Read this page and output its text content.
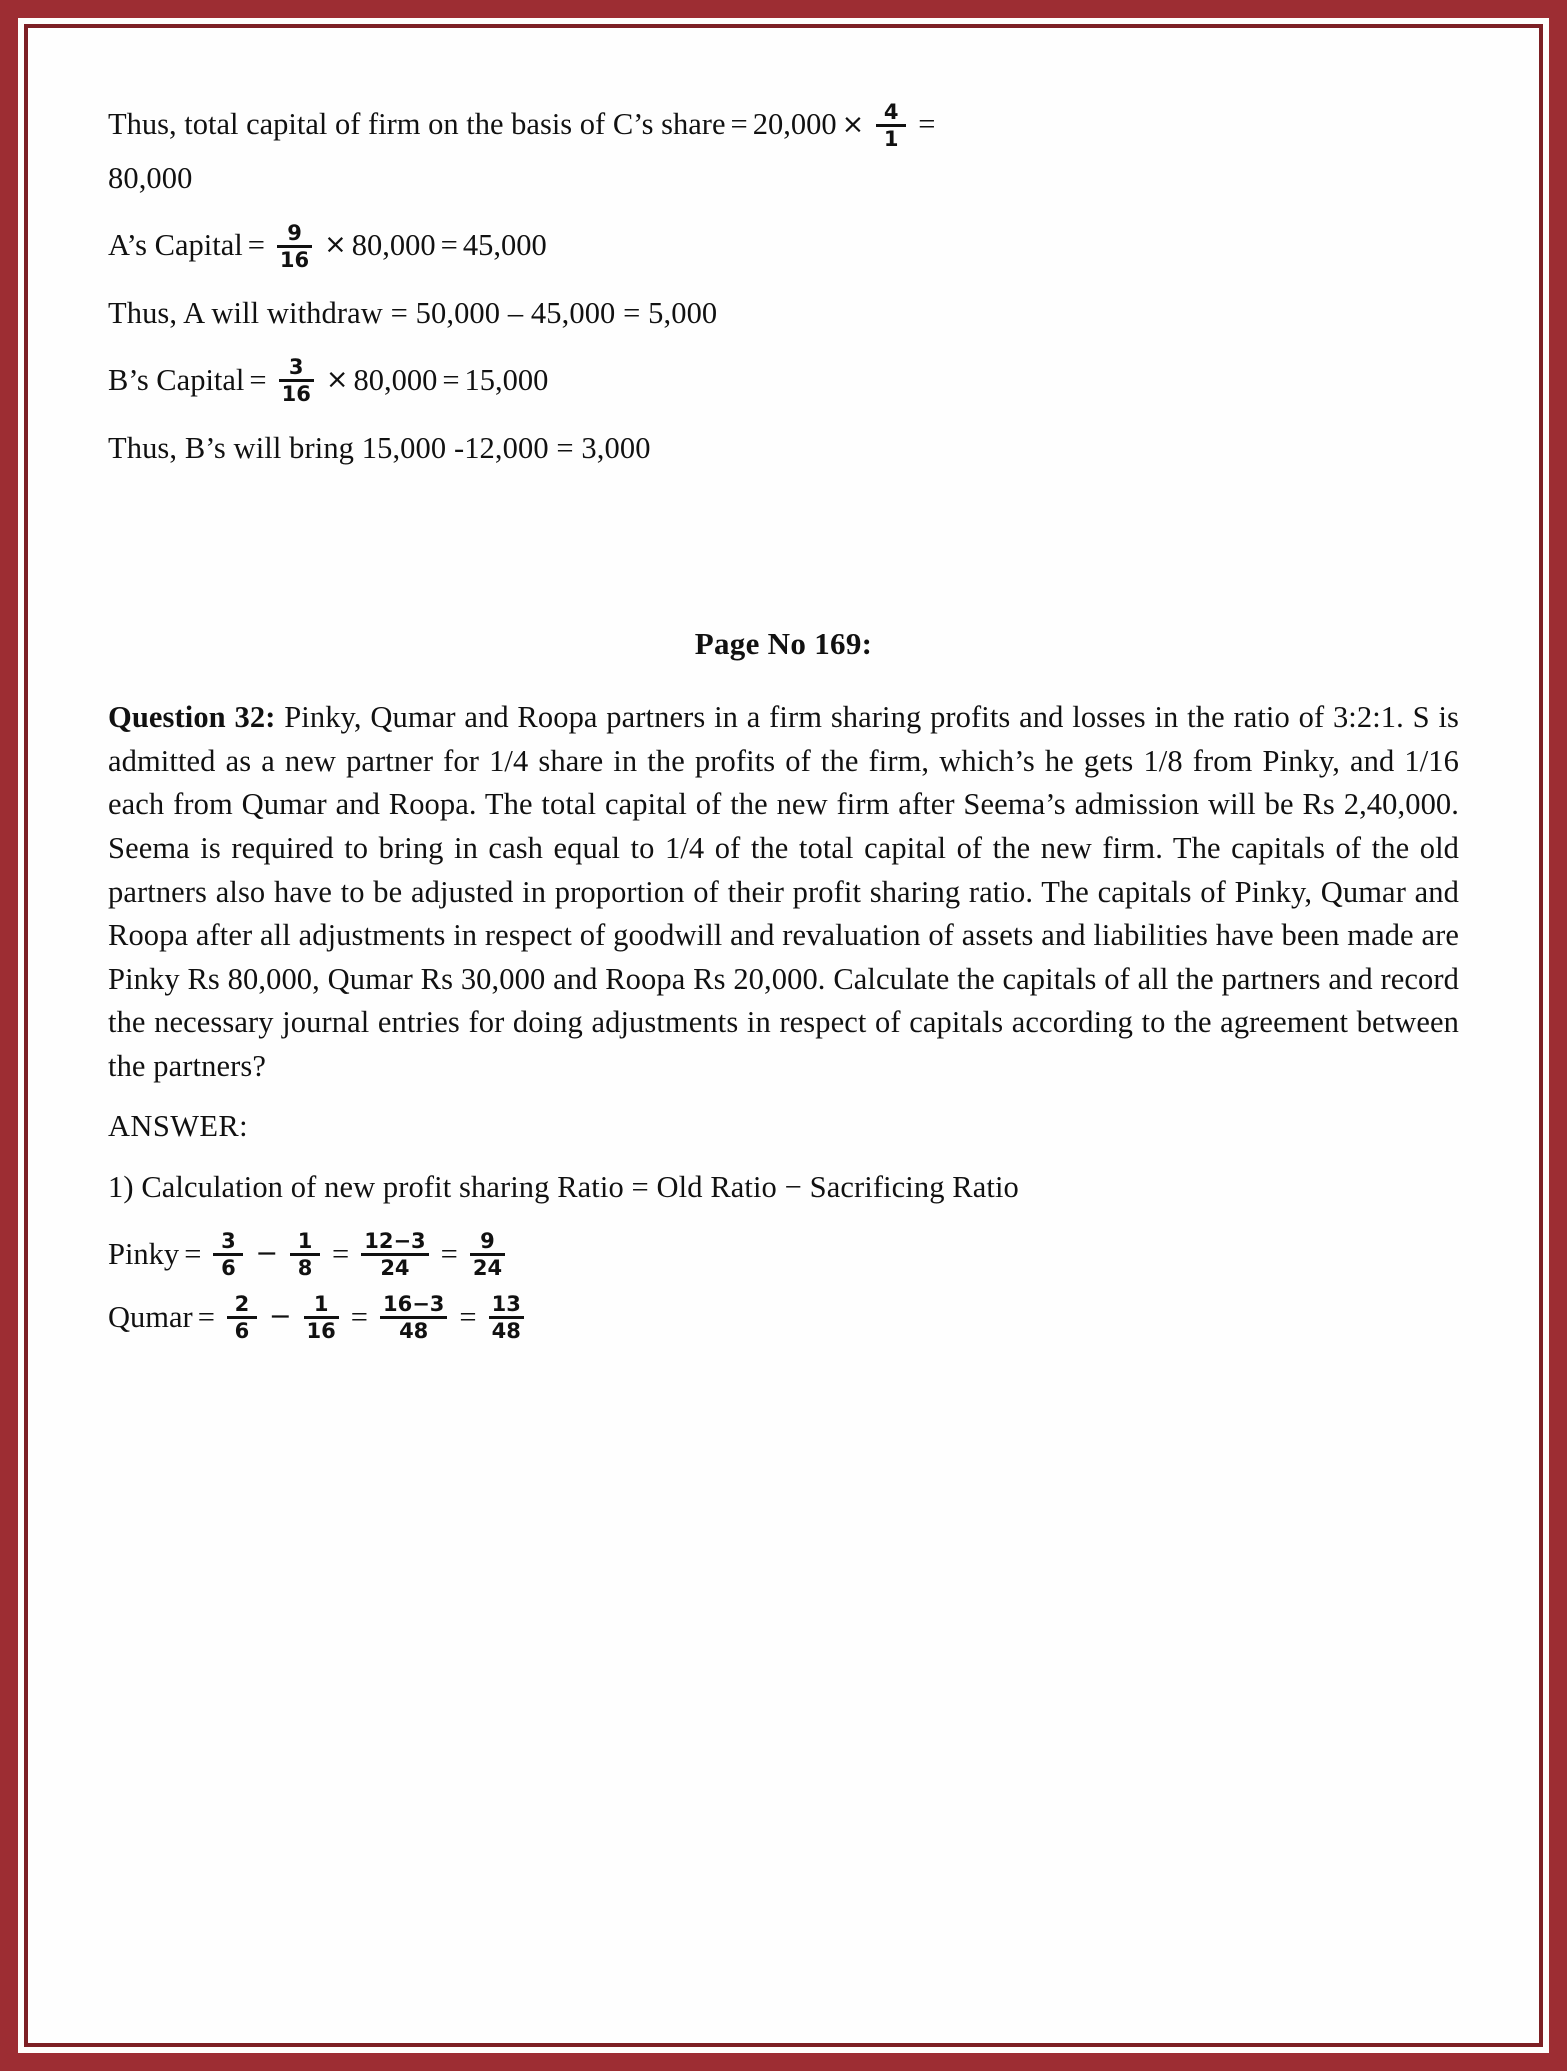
Thus, total capital of firm on the basis of C’s share = $20,000 \times \frac{4}{1}$ =
80,000
A’s Capital = $\frac{9}{16} \times 80,000 = 45,000$
Thus, A will withdraw = 50,000 – 45,000 = 5,000
B’s Capital = $\frac{3}{16} \times 80,000 = 15,000$
Thus, B’s will bring 15,000 -12,000 = 3,000
Page No 169:
Question 32: Pinky, Qumar and Roopa partners in a firm sharing profits and losses in the ratio of 3:2:1. S is admitted as a new partner for 1/4 share in the profits of the firm, which’s he gets 1/8 from Pinky, and 1/16 each from Qumar and Roopa. The total capital of the new firm after Seema’s admission will be Rs 2,40,000. Seema is required to bring in cash equal to 1/4 of the total capital of the new firm. The capitals of the old partners also have to be adjusted in proportion of their profit sharing ratio. The capitals of Pinky, Qumar and Roopa after all adjustments in respect of goodwill and revaluation of assets and liabilities have been made are Pinky Rs 80,000, Qumar Rs 30,000 and Roopa Rs 20,000. Calculate the capitals of all the partners and record the necessary journal entries for doing adjustments in respect of capitals according to the agreement between the partners?
ANSWER:
1) Calculation of new profit sharing Ratio = Old Ratio − Sacrificing Ratio
Pinky = $\frac{3}{6} - \frac{1}{8} = \frac{12-3}{24} = \frac{9}{24}$
Qumar = $\frac{2}{6} - \frac{1}{16} = \frac{16-3}{48} = \frac{13}{48}$
